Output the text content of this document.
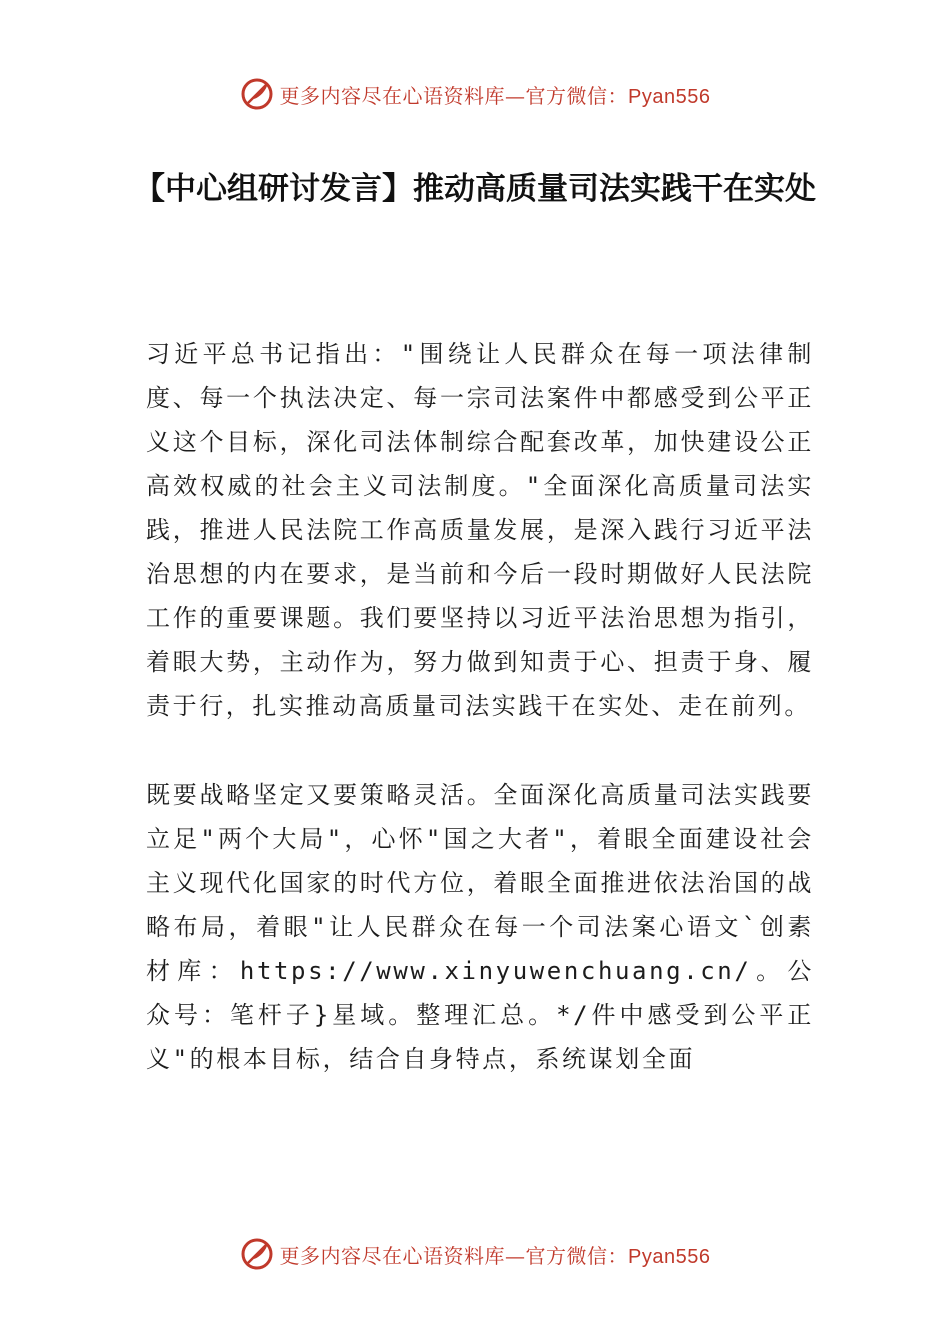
更多内容尽在心语资料库—官方微信：Pyan556
【中心组研讨发言】推动高质量司法实践干在实处

习近平总书记指出："围绕让人民群众在每一项法律制度、每一个执法决定、每一宗司法案件中都感受到公平正义这个目标，深化司法体制综合配套改革，加快建设公正高效权威的社会主义司法制度。"全面深化高质量司法实践，推进人民法院工作高质量发展，是深入践行习近平法治思想的内在要求，是当前和今后一段时期做好人民法院工作的重要课题。我们要坚持以习近平法治思想为指引，着眼大势，主动作为，努力做到知责于心、担责于身、履责于行，扎实推动高质量司法实践干在实处、走在前列。

既要战略坚定又要策略灵活。全面深化高质量司法实践要立足"两个大局"，心怀"国之大者"，着眼全面建设社会主义现代化国家的时代方位，着眼全面推进依法治国的战略布局，着眼"让人民群众在每一个司法案心语文`创素材库：https://www.xinyuwenchuang.cn/。公众号：笔杆子}星域。整理汇总。*/件中感受到公平正义"的根本目标，结合自身特点，系统谋划全面

更多内容尽在心语资料库—官方微信：Pyan556
